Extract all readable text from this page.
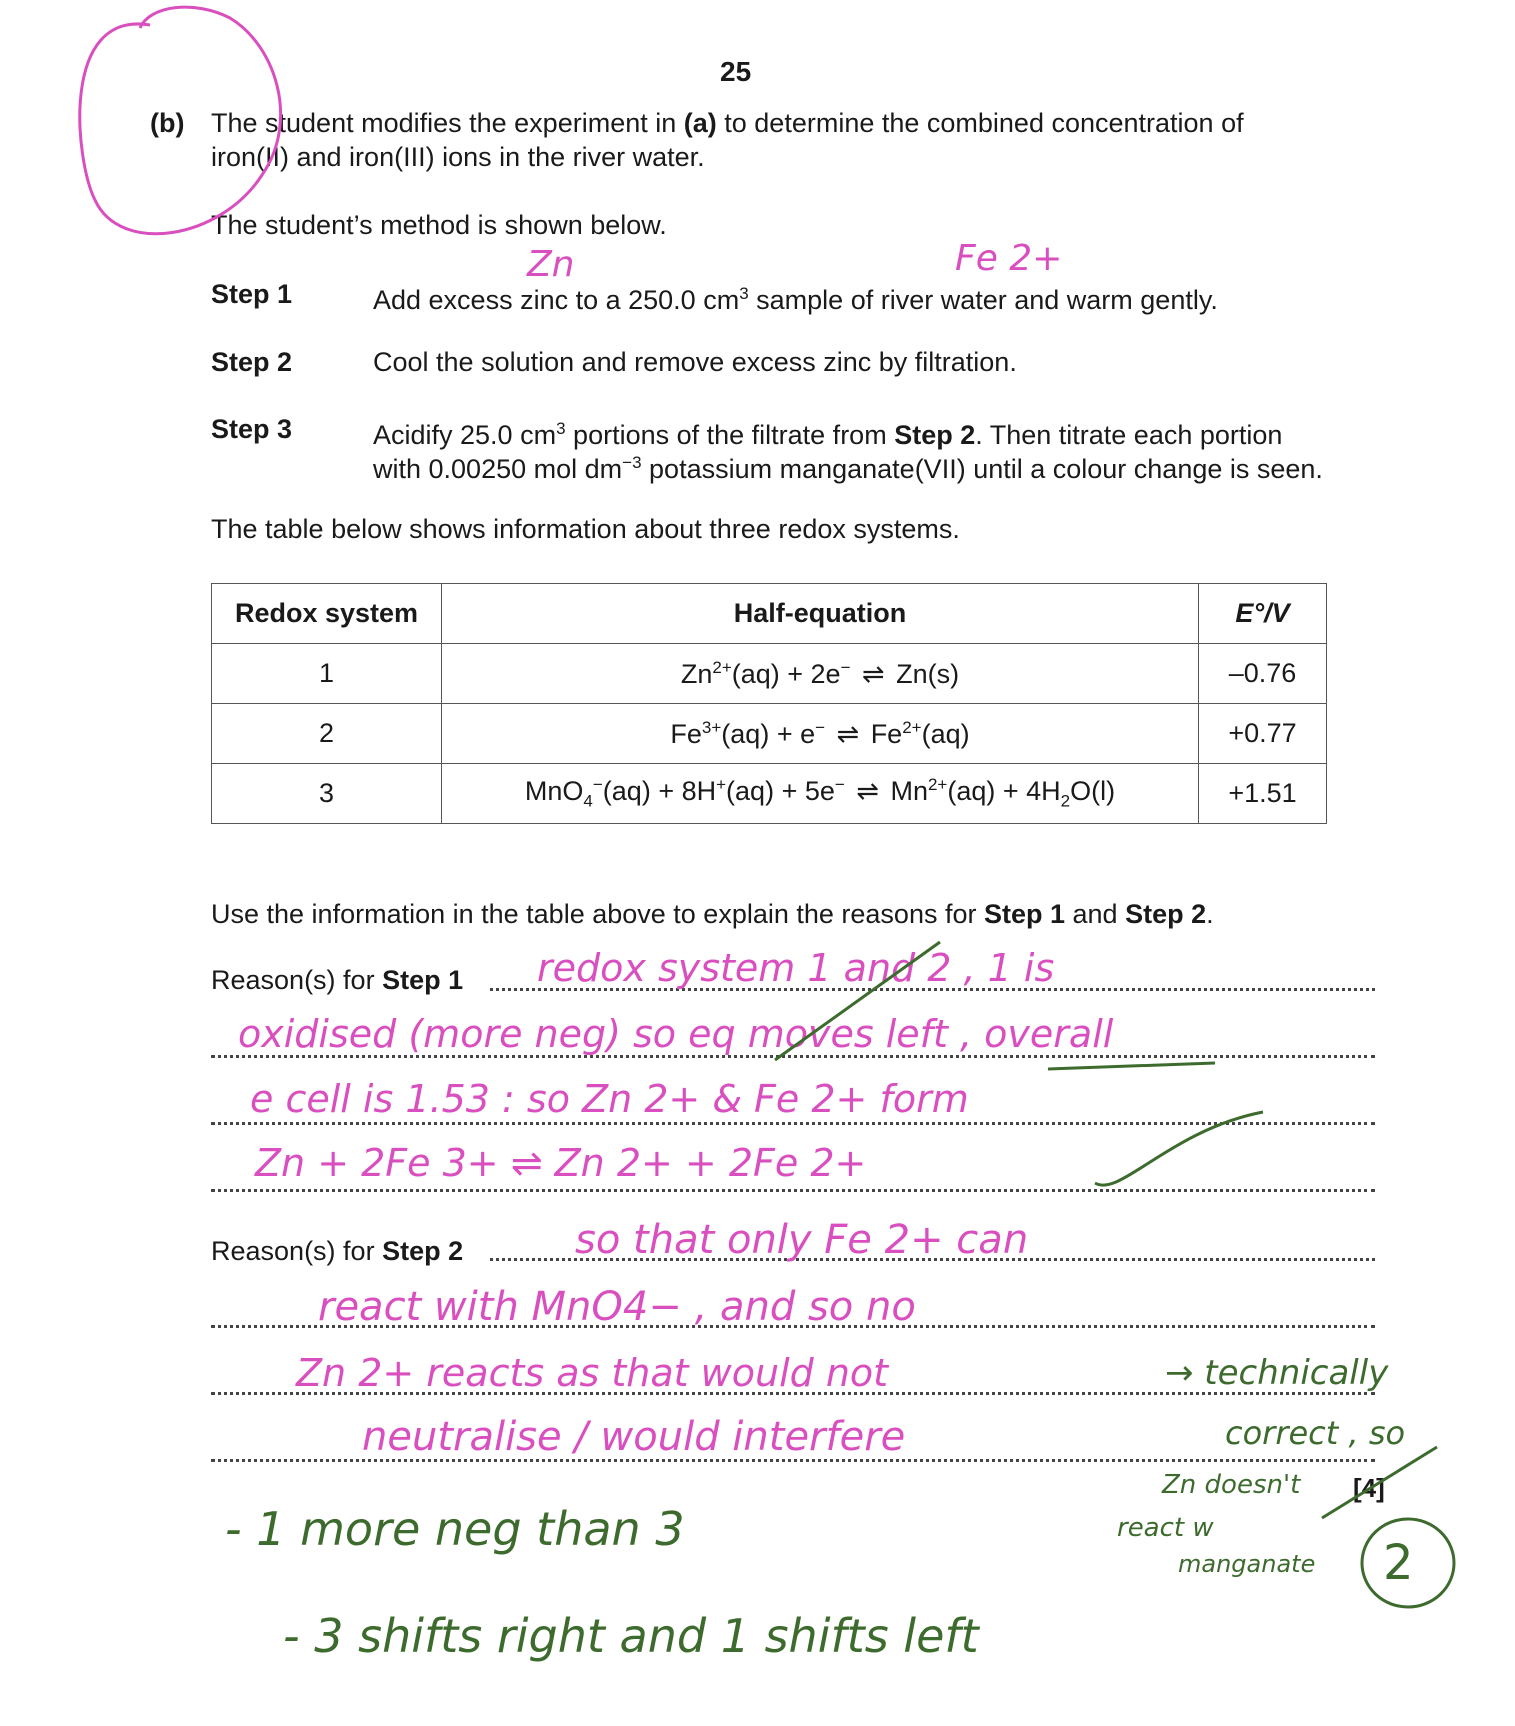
25
(b) The student modifies the experiment in (a) to determine the combined concentration of
iron(II) and iron(III) ions in the river water.
The student’s method is shown below.
Step 1	Add excess zinc to a 250.0 $cm^3$ sample of river water and warm gently.
Step 2	Cool the solution and remove excess zinc by filtration.
Step 3	Acidify 25.0 $cm^3$ portions of the filtrate from Step 2. Then titrate each portion
with 0.00250 mol $dm^{-3}$ potassium manganate(VII) until a colour change is seen.
The table below shows information about three redox systems.
Redox system	Half-equation	E°/V
1	$Zn^{2+}(aq) + 2e^-$ ⇌ Zn(s)	–0.76
2	$Fe^{3+}(aq) + e^-$ ⇌ $Fe^{2+}(aq)$	+0.77
3	MnO$_4$−(aq) + 8H+(aq) + 5e− ⇌ $Mn^{2+}(aq) + 4H_2O(l)$	+1.51
Use the information in the table above to explain the reasons for Step 1 and Step 2.
Reason(s) for Step 1
Reason(s) for Step 2
[4]
Zn	Fe 2+
redox system 1 and 2 , 1 is
oxidised (more neg) so eq moves left , overall
e cell is 1.53 : so Zn 2+ & Fe 2+ form
Zn + 2Fe 3+ ⇌ Zn 2+ + 2Fe 2+
so that only Fe 2+ can
react with MnO4− , and so no
Zn 2+ reacts as that would not
neutralise / would interfere
→ technically
correct , so
Zn doesn't
react w
manganate
- 1 more neg than 3
- 3 shifts right and 1 shifts left
2
